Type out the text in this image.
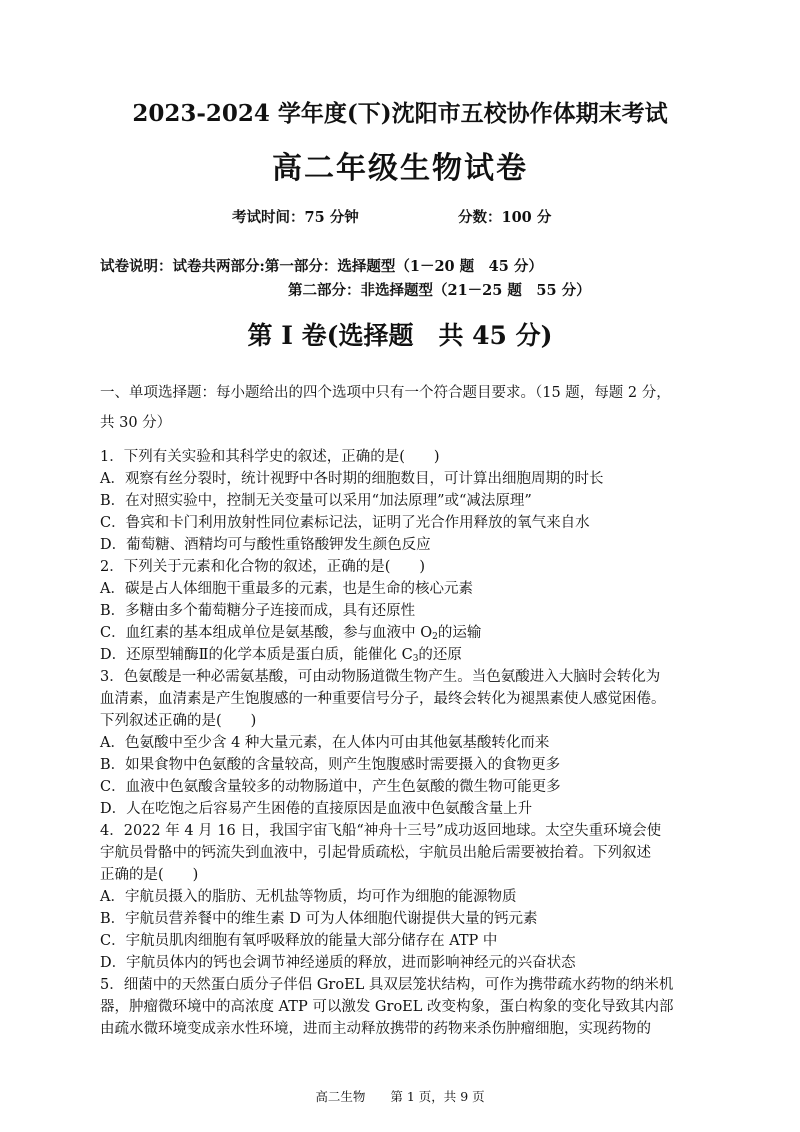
2023-2024 学年度(下)沈阳市五校协作体期末考试

高二年级生物试卷

考试时间：75 分钟	分数：100 分

试卷说明：试卷共两部分:第一部分：选择题型（1－20 题　45 分）

第二部分：非选择题型（21－25 题　55 分）

第 I 卷(选择题　共 45 分)

一、单项选择题：每小题给出的四个选项中只有一个符合题目要求。（15 题，每题 2 分，

共 30 分）

1．下列有关实验和其科学史的叙述，正确的是(　　)

A．观察有丝分裂时，统计视野中各时期的细胞数目，可计算出细胞周期的时长

B．在对照实验中，控制无关变量可以采用“加法原理”或“减法原理”

C．鲁宾和卡门利用放射性同位素标记法，证明了光合作用释放的氧气来自水

D．葡萄糖、酒精均可与酸性重铬酸钾发生颜色反应

2．下列关于元素和化合物的叙述，正确的是(　　)

A．碳是占人体细胞干重最多的元素，也是生命的核心元素

B．多糖由多个葡萄糖分子连接而成，具有还原性

C．血红素的基本组成单位是氨基酸，参与血液中 $O_2$的运输

D．还原型辅酶Ⅱ的化学本质是蛋白质，能催化 $C_3$的还原

3．色氨酸是一种必需氨基酸，可由动物肠道微生物产生。当色氨酸进入大脑时会转化为

血清素，血清素是产生饱腹感的一种重要信号分子，最终会转化为褪黑素使人感觉困倦。

下列叙述正确的是(　　)

A．色氨酸中至少含 4 种大量元素，在人体内可由其他氨基酸转化而来

B．如果食物中色氨酸的含量较高，则产生饱腹感时需要摄入的食物更多

C．血液中色氨酸含量较多的动物肠道中，产生色氨酸的微生物可能更多

D．人在吃饱之后容易产生困倦的直接原因是血液中色氨酸含量上升

4．2022 年 4 月 16 日，我国宇宙飞船“神舟十三号”成功返回地球。太空失重环境会使

宇航员骨骼中的钙流失到血液中，引起骨质疏松，宇航员出舱后需要被抬着。下列叙述

正确的是(　　)

A．宇航员摄入的脂肪、无机盐等物质，均可作为细胞的能源物质

B．宇航员营养餐中的维生素 D 可为人体细胞代谢提供大量的钙元素

C．宇航员肌肉细胞有氧呼吸释放的能量大部分储存在 ATP 中

D．宇航员体内的钙也会调节神经递质的释放，进而影响神经元的兴奋状态

5．细菌中的天然蛋白质分子伴侣 GroEL 具双层笼状结构，可作为携带疏水药物的纳米机

器，肿瘤微环境中的高浓度 ATP 可以激发 GroEL 改变构象，蛋白构象的变化导致其内部

由疏水微环境变成亲水性环境，进而主动释放携带的药物来杀伤肿瘤细胞，实现药物的

高二生物　　 第 1 页，共 9 页
